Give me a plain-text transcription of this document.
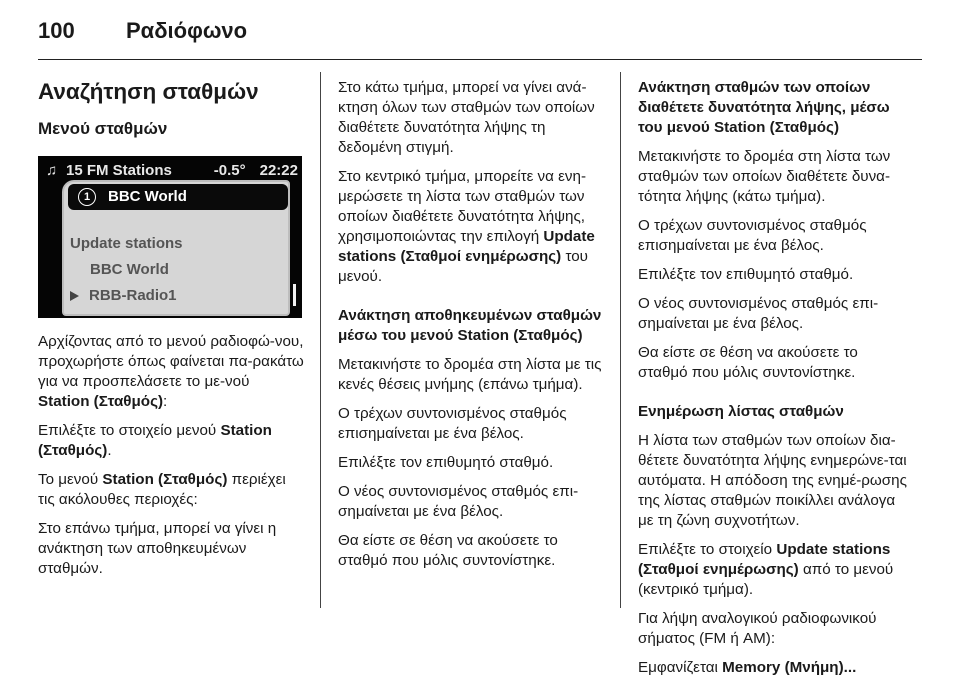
100	Ραδιόφωνο
Αναζήτηση σταθμών
Μενού σταθμών
♫ 15 FM Stations	-0.5° 22:22
1	BBC World
Update stations
BBC World
RBB-Radio1

Αρχίζοντας από το μενού ραδιοφώ-νου, προχωρήστε όπως φαίνεται πα-ρακάτω για να προσπελάσετε το με-νού Station (Σταθμός):

Επιλέξτε το στοιχείο μενού Station (Σταθμός).

Το μενού Station (Σταθμός) περιέχει τις ακόλουθες περιοχές:

Στο επάνω τμήμα, μπορεί να γίνει η ανάκτηση των αποθηκευμένων σταθμών.

Στο κάτω τμήμα, μπορεί να γίνει ανά-κτηση όλων των σταθμών των οποίων διαθέτετε δυνατότητα λήψης τη δεδομένη στιγμή.

Στο κεντρικό τμήμα, μπορείτε να ενη-μερώσετε τη λίστα των σταθμών των οποίων διαθέτετε δυνατότητα λήψης, χρησιμοποιώντας την επιλογή Update stations (Σταθμοί ενημέρωσης) του μενού.

Ανάκτηση αποθηκευμένων σταθμών μέσω του μενού Station (Σταθμός)

Μετακινήστε το δρομέα στη λίστα με τις κενές θέσεις μνήμης (επάνω τμήμα).

Ο τρέχων συντονισμένος σταθμός επισημαίνεται με ένα βέλος.

Επιλέξτε τον επιθυμητό σταθμό.

Ο νέος συντονισμένος σταθμός επι-σημαίνεται με ένα βέλος.

Θα είστε σε θέση να ακούσετε το σταθμό που μόλις συντονίστηκε.

Ανάκτηση σταθμών των οποίων διαθέτετε δυνατότητα λήψης, μέσω του μενού Station (Σταθμός)

Μετακινήστε το δρομέα στη λίστα των σταθμών των οποίων διαθέτετε δυνα-τότητα λήψης (κάτω τμήμα).

Ο τρέχων συντονισμένος σταθμός επισημαίνεται με ένα βέλος.

Επιλέξτε τον επιθυμητό σταθμό.

Ο νέος συντονισμένος σταθμός επι-σημαίνεται με ένα βέλος.

Θα είστε σε θέση να ακούσετε το σταθμό που μόλις συντονίστηκε.

Ενημέρωση λίστας σταθμών

Η λίστα των σταθμών των οποίων δια-θέτετε δυνατότητα λήψης ενημερώνε-ται αυτόματα. Η απόδοση της ενημέ-ρωσης της λίστας σταθμών ποικίλλει ανάλογα με τη ζώνη συχνοτήτων.

Επιλέξτε το στοιχείο Update stations (Σταθμοί ενημέρωσης) από το μενού (κεντρικό τμήμα).

Για λήψη αναλογικού ραδιοφωνικού σήματος (FM ή AM):

Εμφανίζεται Memory (Μνήμη)...
